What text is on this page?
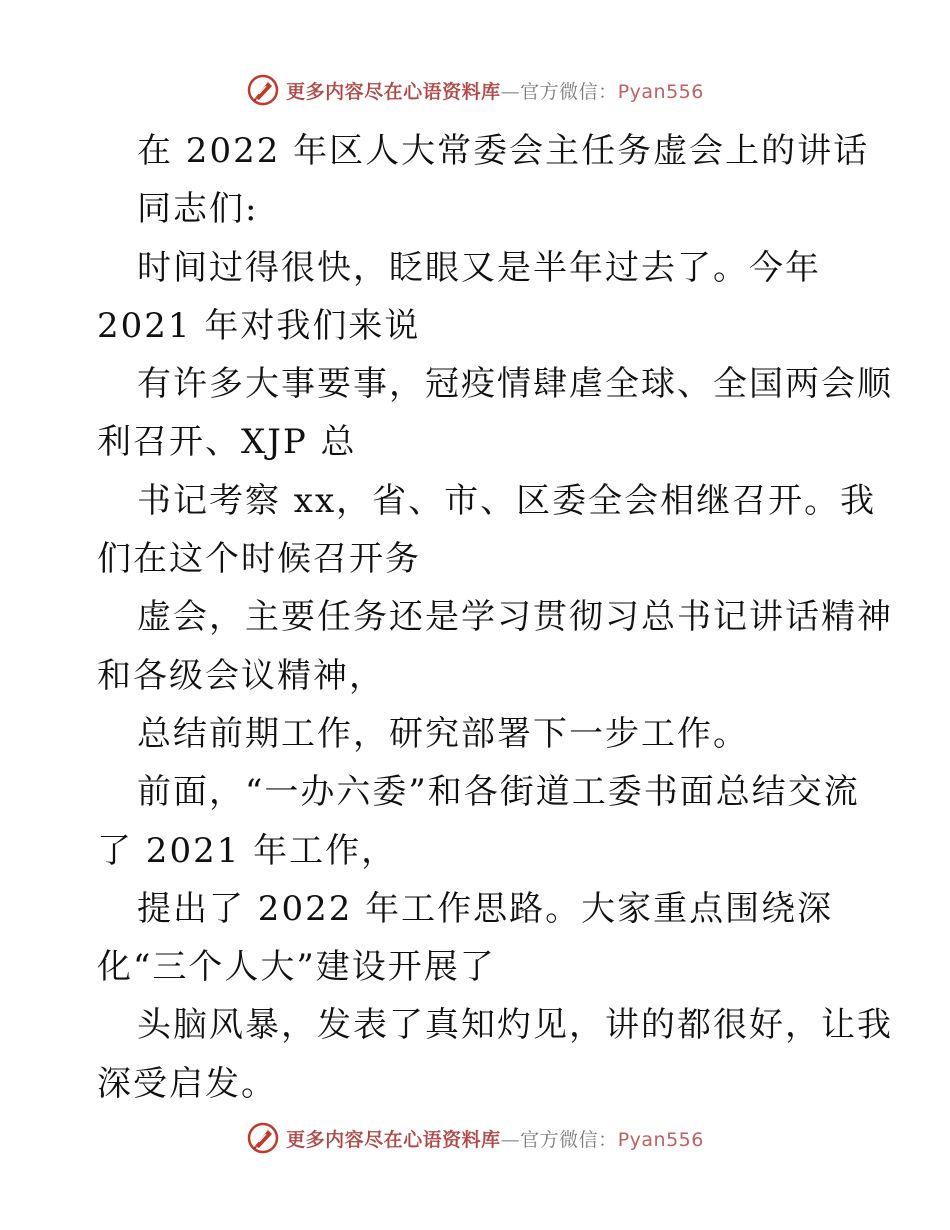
更多内容尽在心语资料库—官方微信：Pyan556
在 2022 年区人大常委会主任务虚会上的讲话
同志们:
时间过得很快，眨眼又是半年过去了。今年
2021 年对我们来说
有许多大事要事，冠疫情肆虐全球、全国两会顺
利召开、XJP 总
书记考察 xx，省、市、区委全会相继召开。我
们在这个时候召开务
虚会，主要任务还是学习贯彻习总书记讲话精神
和各级会议精神，
总结前期工作，研究部署下一步工作。
前面，“一办六委”和各街道工委书面总结交流
了 2021 年工作，
提出了 2022 年工作思路。大家重点围绕深
化“三个人大”建设开展了
头脑风暴，发表了真知灼见，讲的都很好，让我
深受启发。
更多内容尽在心语资料库—官方微信：Pyan556
